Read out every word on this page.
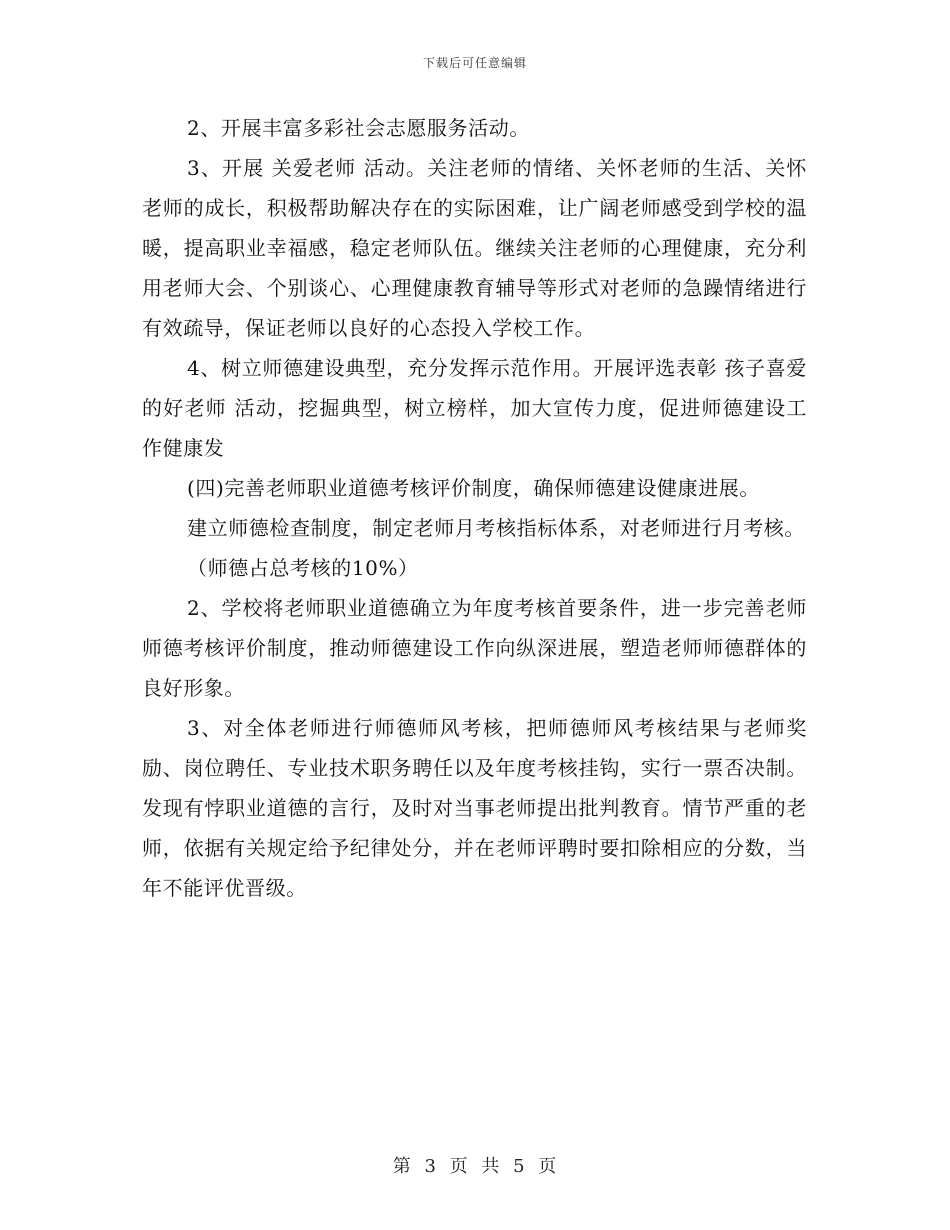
下载后可任意编辑

2、开展丰富多彩社会志愿服务活动。

3、开展 关爱老师 活动。关注老师的情绪、关怀老师的生活、关怀老师的成长，积极帮助解决存在的实际困难，让广阔老师感受到学校的温暖，提高职业幸福感，稳定老师队伍。继续关注老师的心理健康，充分利用老师大会、个别谈心、心理健康教育辅导等形式对老师的急躁情绪进行有效疏导，保证老师以良好的心态投入学校工作。

4、树立师德建设典型，充分发挥示范作用。开展评选表彰 孩子喜爱的好老师 活动，挖掘典型，树立榜样，加大宣传力度，促进师德建设工作健康发

(四)完善老师职业道德考核评价制度，确保师德建设健康进展。

建立师德检查制度，制定老师月考核指标体系，对老师进行月考核。

（师德占总考核的10%）

2、学校将老师职业道德确立为年度考核首要条件，进一步完善老师师德考核评价制度，推动师德建设工作向纵深进展，塑造老师师德群体的良好形象。

3、对全体老师进行师德师风考核，把师德师风考核结果与老师奖励、岗位聘任、专业技术职务聘任以及年度考核挂钩，实行一票否决制。发现有悖职业道德的言行，及时对当事老师提出批判教育。情节严重的老师，依据有关规定给予纪律处分，并在老师评聘时要扣除相应的分数，当年不能评优晋级。

第 3 页 共 5 页
